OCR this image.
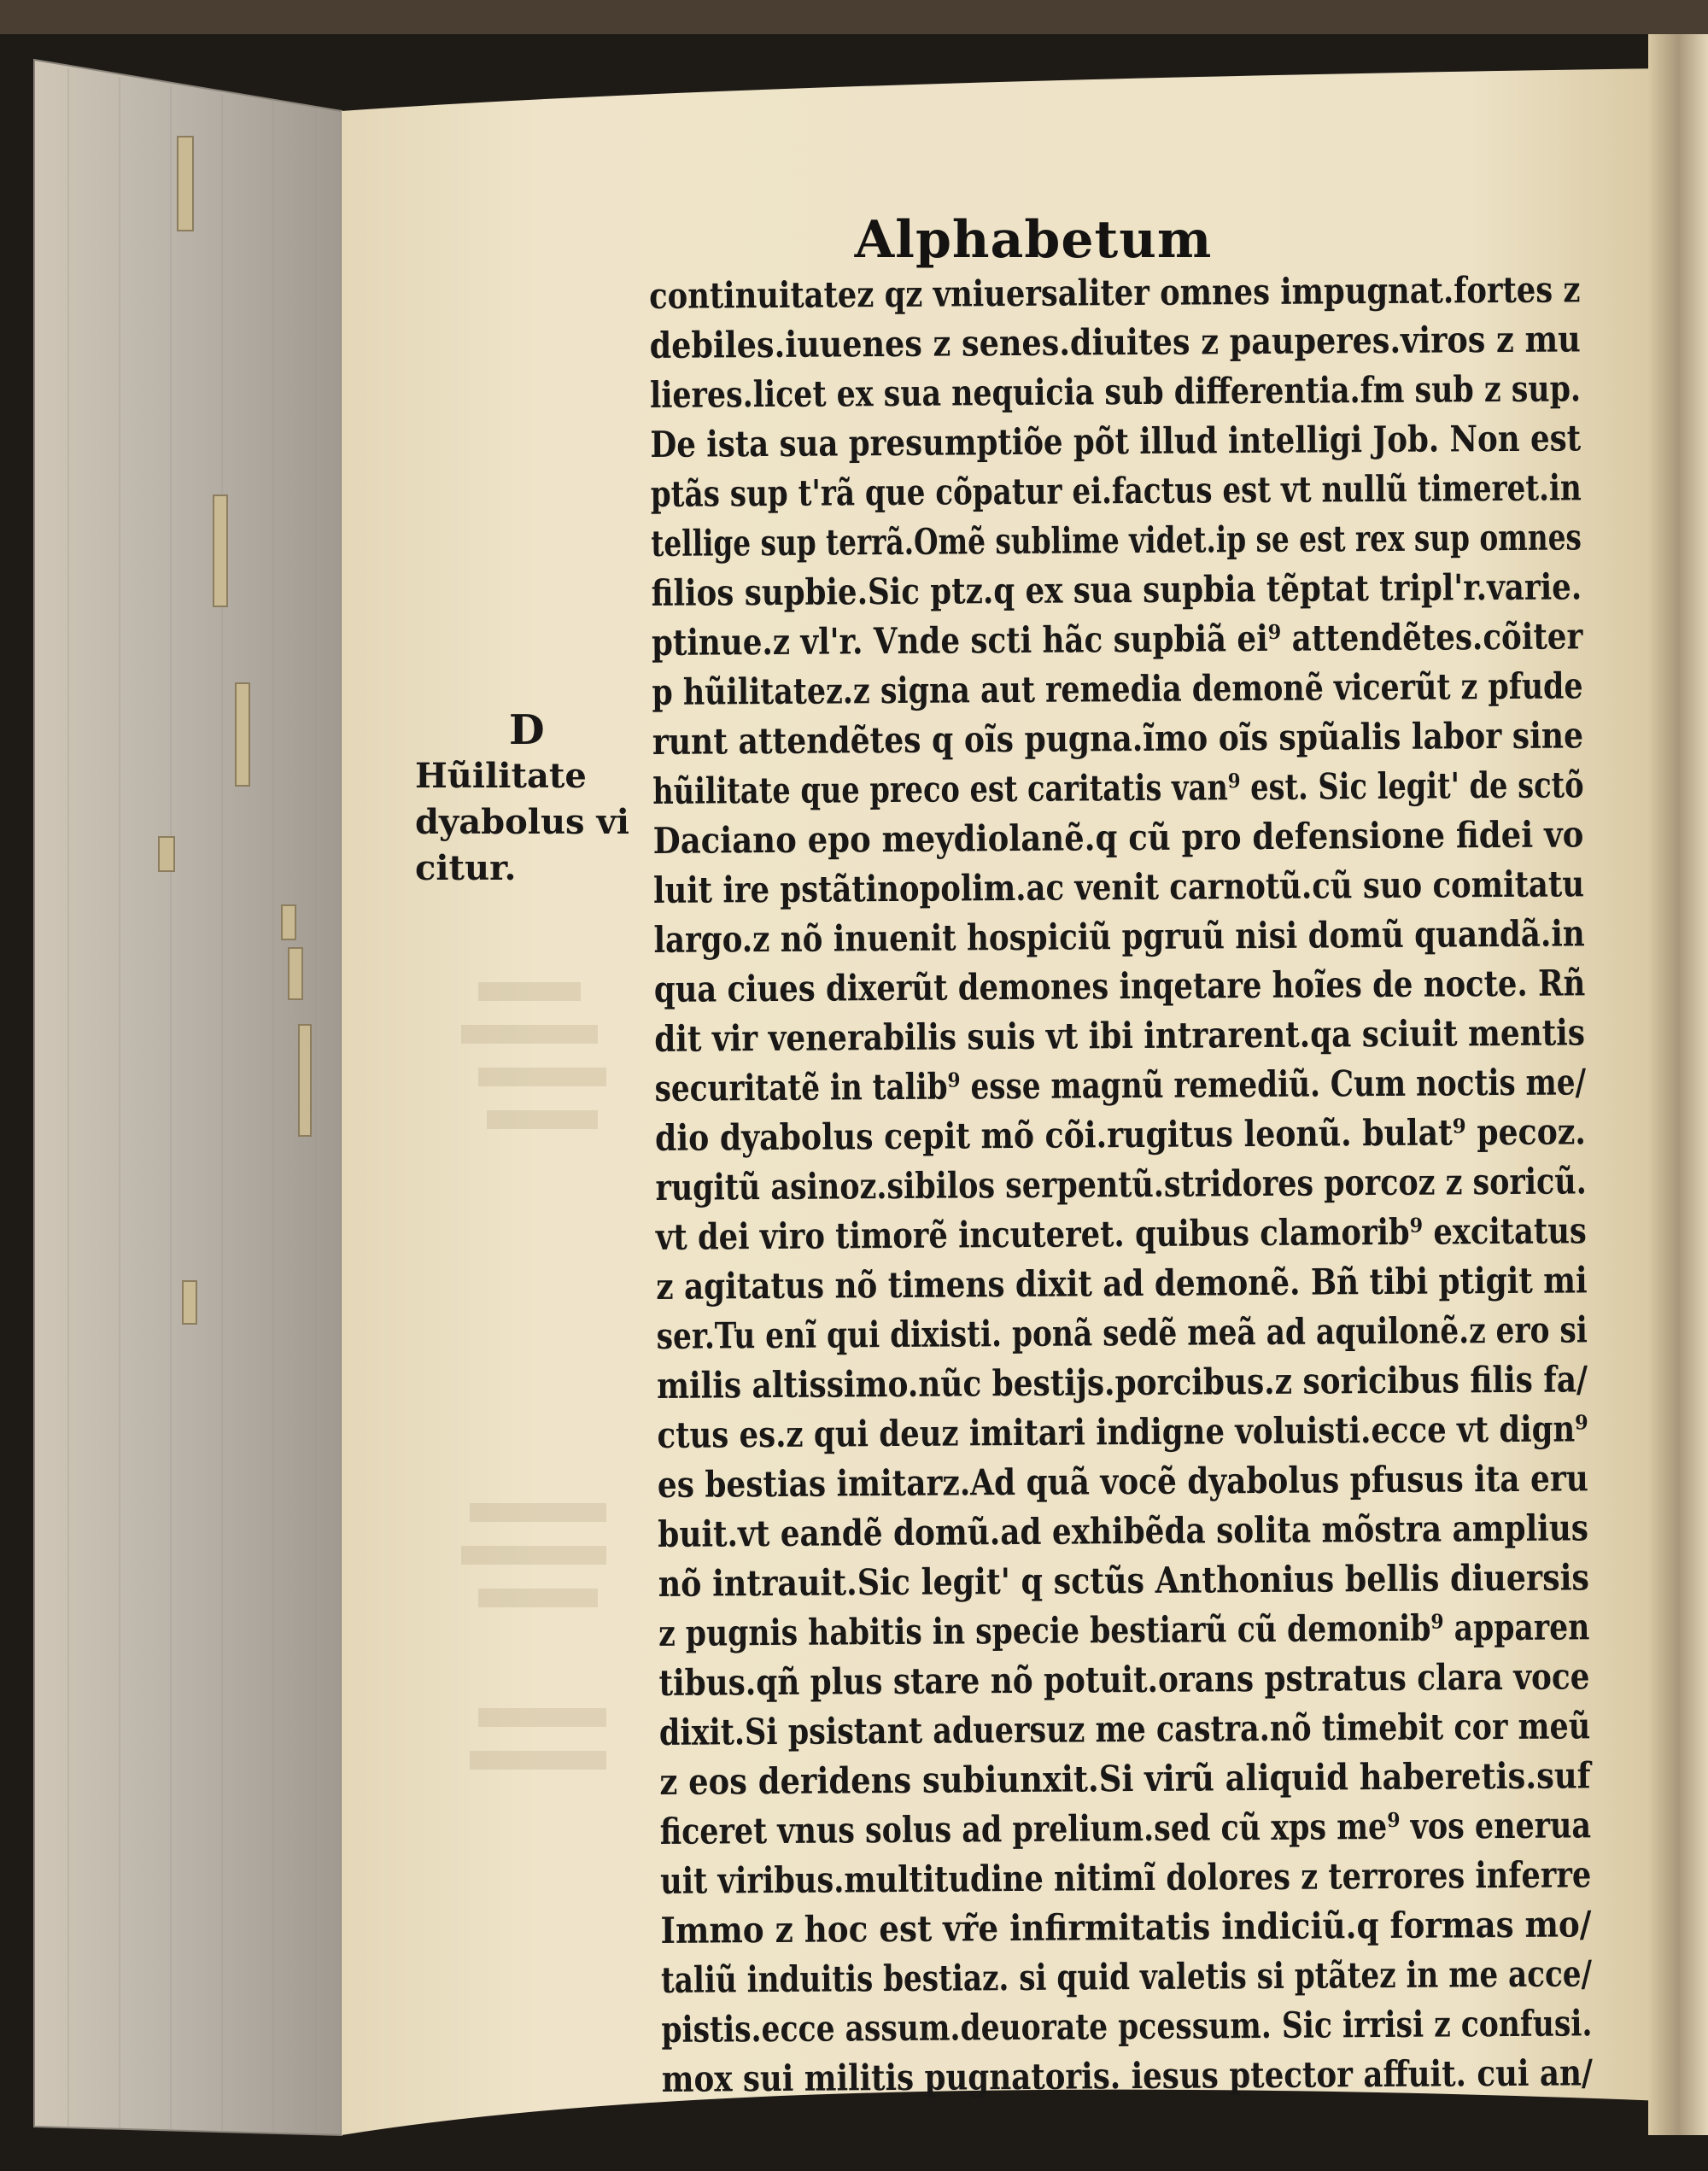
Alphabetum
D
Hũilitate
dyabolus vi
citur.
continuitatez qz vniuersaliter omnes impugnat.fortes z
debiles.iuuenes z senes.diuites z pauperes.viros z mu
lieres.licet ex sua nequicia sub differentia.fm sub z sup.
De ista sua presumptiõe põt illud intelligi Job. Non est
ptãs sup t'rã que cõpatur ei.factus est vt nullũ timeret.in
tellige sup terrã.Omẽ sublime videt.ip se est rex sup omnes
filios supbie.Sic ptz.q ex sua supbia tẽptat tripl'r.varie.
ptinue.z vl'r. Vnde scti hãc supbiã ei⁹ attendẽtes.cõiter
p hũilitatez.z signa aut remedia demonẽ vicerũt z pfude
runt attendẽtes q oĩs pugna.ĩmo oĩs spũalis labor sine
hũilitate que preco est caritatis van⁹ est. Sic legit' de sctõ
Daciano epo meydiolanẽ.q cũ pro defensione fidei vo
luit ire pstãtinopolim.ac venit carnotũ.cũ suo comitatu
largo.z nõ inuenit hospiciũ pgruũ nisi domũ quandã.in
qua ciues dixerũt demones inqetare hoĩes de nocte. Rñ
dit vir venerabilis suis vt ibi intrarent.qa sciuit mentis
securitatẽ in talib⁹ esse magnũ remediũ. Cum noctis me/
dio dyabolus cepit mõ cõi.rugitus leonũ. bulat⁹ pecoz.
rugitũ asinoz.sibilos serpentũ.stridores porcoz z soricũ.
vt dei viro timorẽ incuteret. quibus clamorib⁹ excitatus
z agitatus nõ timens dixit ad demonẽ. Bñ tibi ptigit mi
ser.Tu enĩ qui dixisti. ponã sedẽ meã ad aquilonẽ.z ero si
milis altissimo.nũc bestijs.porcibus.z soricibus filis fa/
ctus es.z qui deuz imitari indigne voluisti.ecce vt dign⁹
es bestias imitarz.Ad quã vocẽ dyabolus pfusus ita eru
buit.vt eandẽ domũ.ad exhibẽda solita mõstra amplius
nõ intrauit.Sic legit' q sctũs Anthonius bellis diuersis
z pugnis habitis in specie bestiarũ cũ demonib⁹ apparen
tibus.qñ plus stare nõ potuit.orans pstratus clara voce
dixit.Si psistant aduersuz me castra.nõ timebit cor meũ
z eos deridens subiunxit.Si virũ aliquid haberetis.suf
ficeret vnus solus ad prelium.sed cũ xps me⁹ vos enerua
uit viribus.multitudine nitimĩ dolores z terrores inferre
Immo z hoc est vr̃e infirmitatis indiciũ.q formas mo/
taliũ induitis bestiaz. si quid valetis si ptãtez in me acce/
pistis.ecce assum.deuorate pcessum. Sic irrisi z confusi.
mox sui militis pugnatoris. iesus ptector affuit. cui an/
